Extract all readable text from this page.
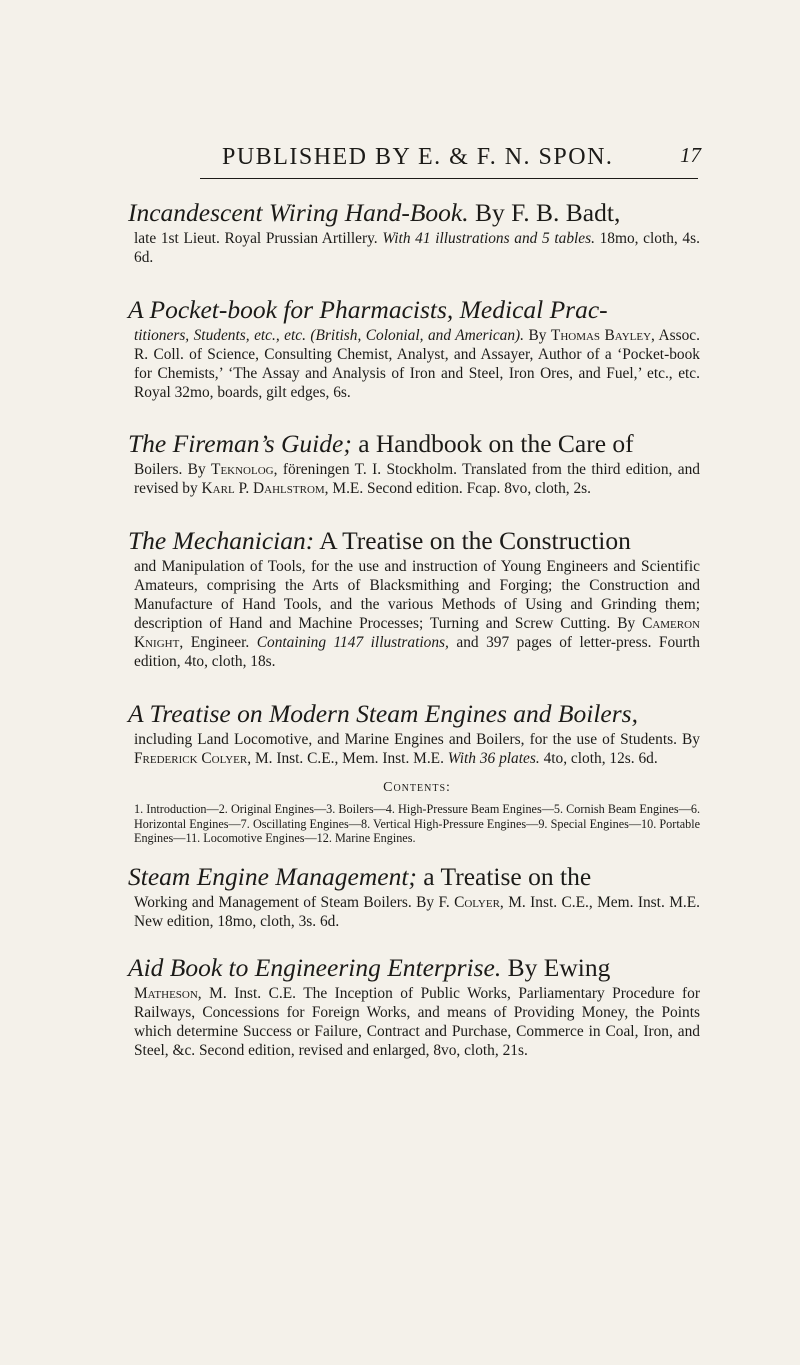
PUBLISHED BY E. & F. N. SPON.	17

Incandescent Wiring Hand-Book. By F. B. Badt,

late 1st Lieut. Royal Prussian Artillery. With 41 illustrations and 5 tables. 18mo, cloth, 4s. 6d.

A Pocket-book for Pharmacists, Medical Prac-

titioners, Students, etc., etc. (British, Colonial, and American). By Thomas Bayley, Assoc. R. Coll. of Science, Consulting Chemist, Analyst, and Assayer, Author of a ‘Pocket-book for Chemists,’ ‘The Assay and Analysis of Iron and Steel, Iron Ores, and Fuel,’ etc., etc. Royal 32mo, boards, gilt edges, 6s.

The Fireman’s Guide; a Handbook on the Care of

Boilers. By Teknolog, föreningen T. I. Stockholm. Translated from the third edition, and revised by Karl P. Dahlstrom, M.E. Second edition. Fcap. 8vo, cloth, 2s.

The Mechanician: A Treatise on the Construction

and Manipulation of Tools, for the use and instruction of Young Engineers and Scientific Amateurs, comprising the Arts of Blacksmithing and Forging; the Construction and Manufacture of Hand Tools, and the various Methods of Using and Grinding them; description of Hand and Machine Processes; Turning and Screw Cutting. By Cameron Knight, Engineer. Containing 1147 illustrations, and 397 pages of letter-press. Fourth edition, 4to, cloth, 18s.

A Treatise on Modern Steam Engines and Boilers,

including Land Locomotive, and Marine Engines and Boilers, for the use of Students. By Frederick Colyer, M. Inst. C.E., Mem. Inst. M.E. With 36 plates. 4to, cloth, 12s. 6d.

Contents:

1. Introduction—2. Original Engines—3. Boilers—4. High-Pressure Beam Engines—5. Cornish Beam Engines—6. Horizontal Engines—7. Oscillating Engines—8. Vertical High-Pressure Engines—9. Special Engines—10. Portable Engines—11. Locomotive Engines—12. Marine Engines.

Steam Engine Management; a Treatise on the

Working and Management of Steam Boilers. By F. Colyer, M. Inst. C.E., Mem. Inst. M.E. New edition, 18mo, cloth, 3s. 6d.

Aid Book to Engineering Enterprise. By Ewing

Matheson, M. Inst. C.E. The Inception of Public Works, Parliamentary Procedure for Railways, Concessions for Foreign Works, and means of Providing Money, the Points which determine Success or Failure, Contract and Purchase, Commerce in Coal, Iron, and Steel, &c. Second edition, revised and enlarged, 8vo, cloth, 21s.
